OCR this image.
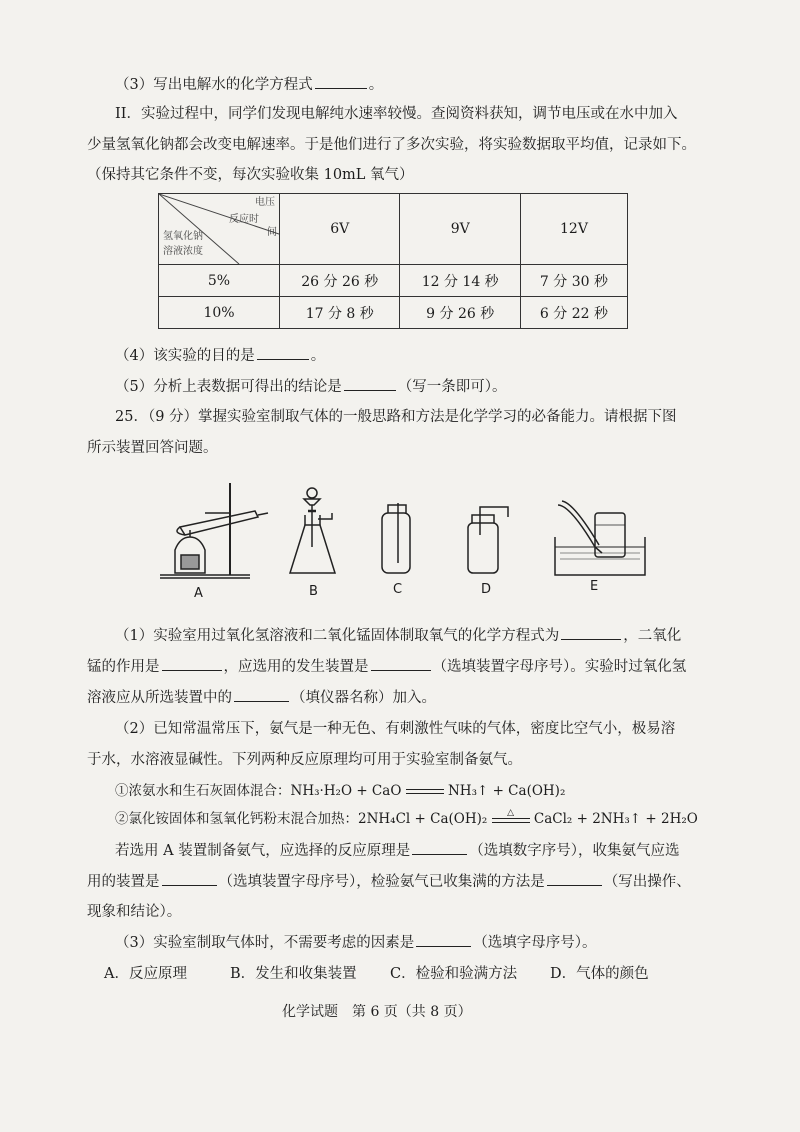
（3）写出电解水的化学方程式	。
II．实验过程中，同学们发现电解纯水速率较慢。查阅资料获知，调节电压或在水中加入
少量氢氧化钠都会改变电解速率。于是他们进行了多次实验，将实验数据取平均值，记录如下。
（保持其它条件不变，每次实验收集 10mL 氧气）
电压
反应时
间
氢氧化钠
溶液浓度	6V	9V	12V
5%	26 分 26 秒	12 分 14 秒	7 分 30 秒
10%	17 分 8 秒	9 分 26 秒	6 分 22 秒
（4）该实验的目的是	。
（5）分析上表数据可得出的结论是	（写一条即可）。
25．（9 分）掌握实验室制取气体的一般思路和方法是化学学习的必备能力。请根据下图
所示装置回答问题。
A	B	C	D	E
（1）实验室用过氧化氢溶液和二氧化锰固体制取氧气的化学方程式为	，二氧化
锰的作用是	，应选用的发生装置是	（选填装置字母序号）。实验时过氧化氢
溶液应从所选装置中的	（填仪器名称）加入。
（2）已知常温常压下，氨气是一种无色、有刺激性气味的气体，密度比空气小，极易溶
于水，水溶液显碱性。下列两种反应原理均可用于实验室制备氨气。
①浓氨水和生石灰固体混合：NH₃·H₂O + CaO	NH₃↑ + Ca(OH)₂
②氯化铵固体和氢氧化钙粉末混合加热：2NH₄Cl + Ca(OH)₂	△	CaCl₂ + 2NH₃↑ + 2H₂O
若选用 A 装置制备氨气，应选择的反应原理是	（选填数字序号），收集氨气应选
用的装置是	（选填装置字母序号），检验氨气已收集满的方法是	（写出操作、
现象和结论）。
（3）实验室制取气体时，不需要考虑的因素是	（选填字母序号）。
A．反应原理	B．发生和收集装置 C．检验和验满方法 D．气体的颜色
化学试题　第 6 页（共 8 页）
